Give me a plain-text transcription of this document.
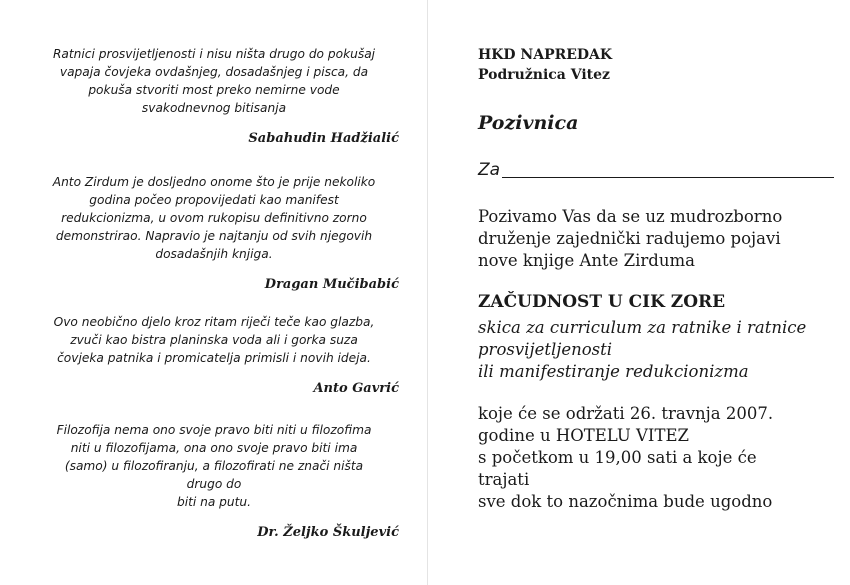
Ratnici prosvijetljenosti i nisu ništa drugo do pokušaj
vapaja čovjeka ovdašnjeg, dosadašnjeg i pisca, da
pokuša stvoriti most preko nemirne vode
svakodnevnog bitisanja

Sabahudin Hadžialić

Anto Zirdum je dosljedno onome što je prije nekoliko
godina počeo propovijedati kao manifest
redukcionizma, u ovom rukopisu definitivno zorno
demonstrirao. Napravio je najtanju od svih njegovih
dosadašnjih knjiga.

Dragan Mučibabić

Ovo neobično djelo kroz ritam riječi teče kao glazba,
zvuči kao bistra planinska voda ali i gorka suza
čovjeka patnika i promicatelja primisli i novih ideja.

Anto Gavrić

Filozofija nema ono svoje pravo biti niti u filozofima
niti u filozofijama, ona ono svoje pravo biti ima
(samo) u filozofiranju, a filozofirati ne znači ništa
drugo do
biti na putu.

Dr. Željko Škuljević
HKD NAPREDAK
Podružnica Vitez
Pozivnica
Za

Pozivamo Vas da se uz mudrozborno
druženje zajednički radujemo pojavi
nove knjige Ante Zirduma

ZAČUDNOST U CIK ZORE

skica za curriculum za ratnike i ratnice
prosvijetljenosti
ili manifestiranje redukcionizma

koje će se održati 26. travnja 2007.
godine u HOTELU VITEZ
s početkom u 19,00 sati a koje će
trajati
sve dok to nazočnima bude ugodno
